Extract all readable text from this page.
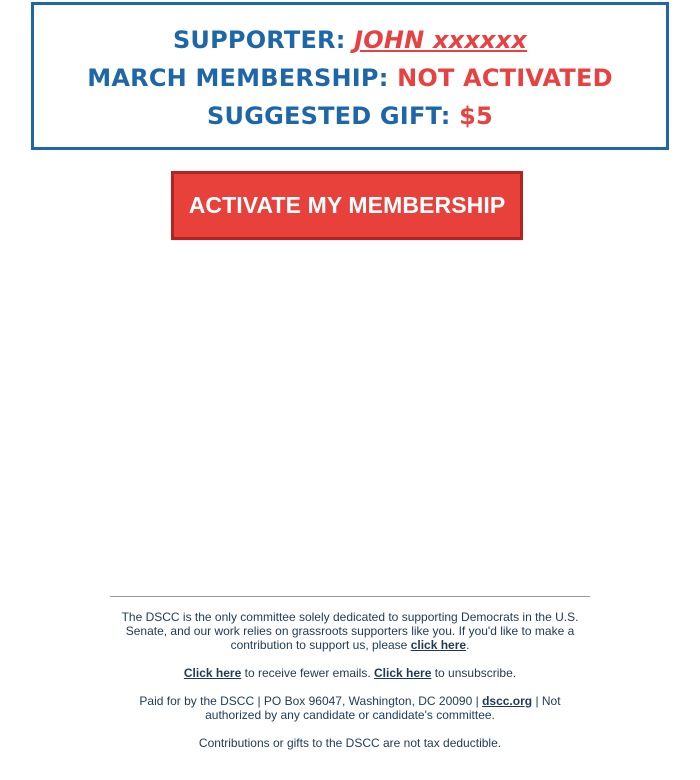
SUPPORTER: JOHN xxxxxx
MARCH MEMBERSHIP: NOT ACTIVATED
SUGGESTED GIFT: $5
ACTIVATE MY MEMBERSHIP

The DSCC is the only committee solely dedicated to supporting Democrats in the U.S. Senate, and our work relies on grassroots supporters like you. If you'd like to make a contribution to support us, please click here.

Click here to receive fewer emails. Click here to unsubscribe.

Paid for by the DSCC | PO Box 96047, Washington, DC 20090 | dscc.org | Not authorized by any candidate or candidate's committee.

Contributions or gifts to the DSCC are not tax deductible.
